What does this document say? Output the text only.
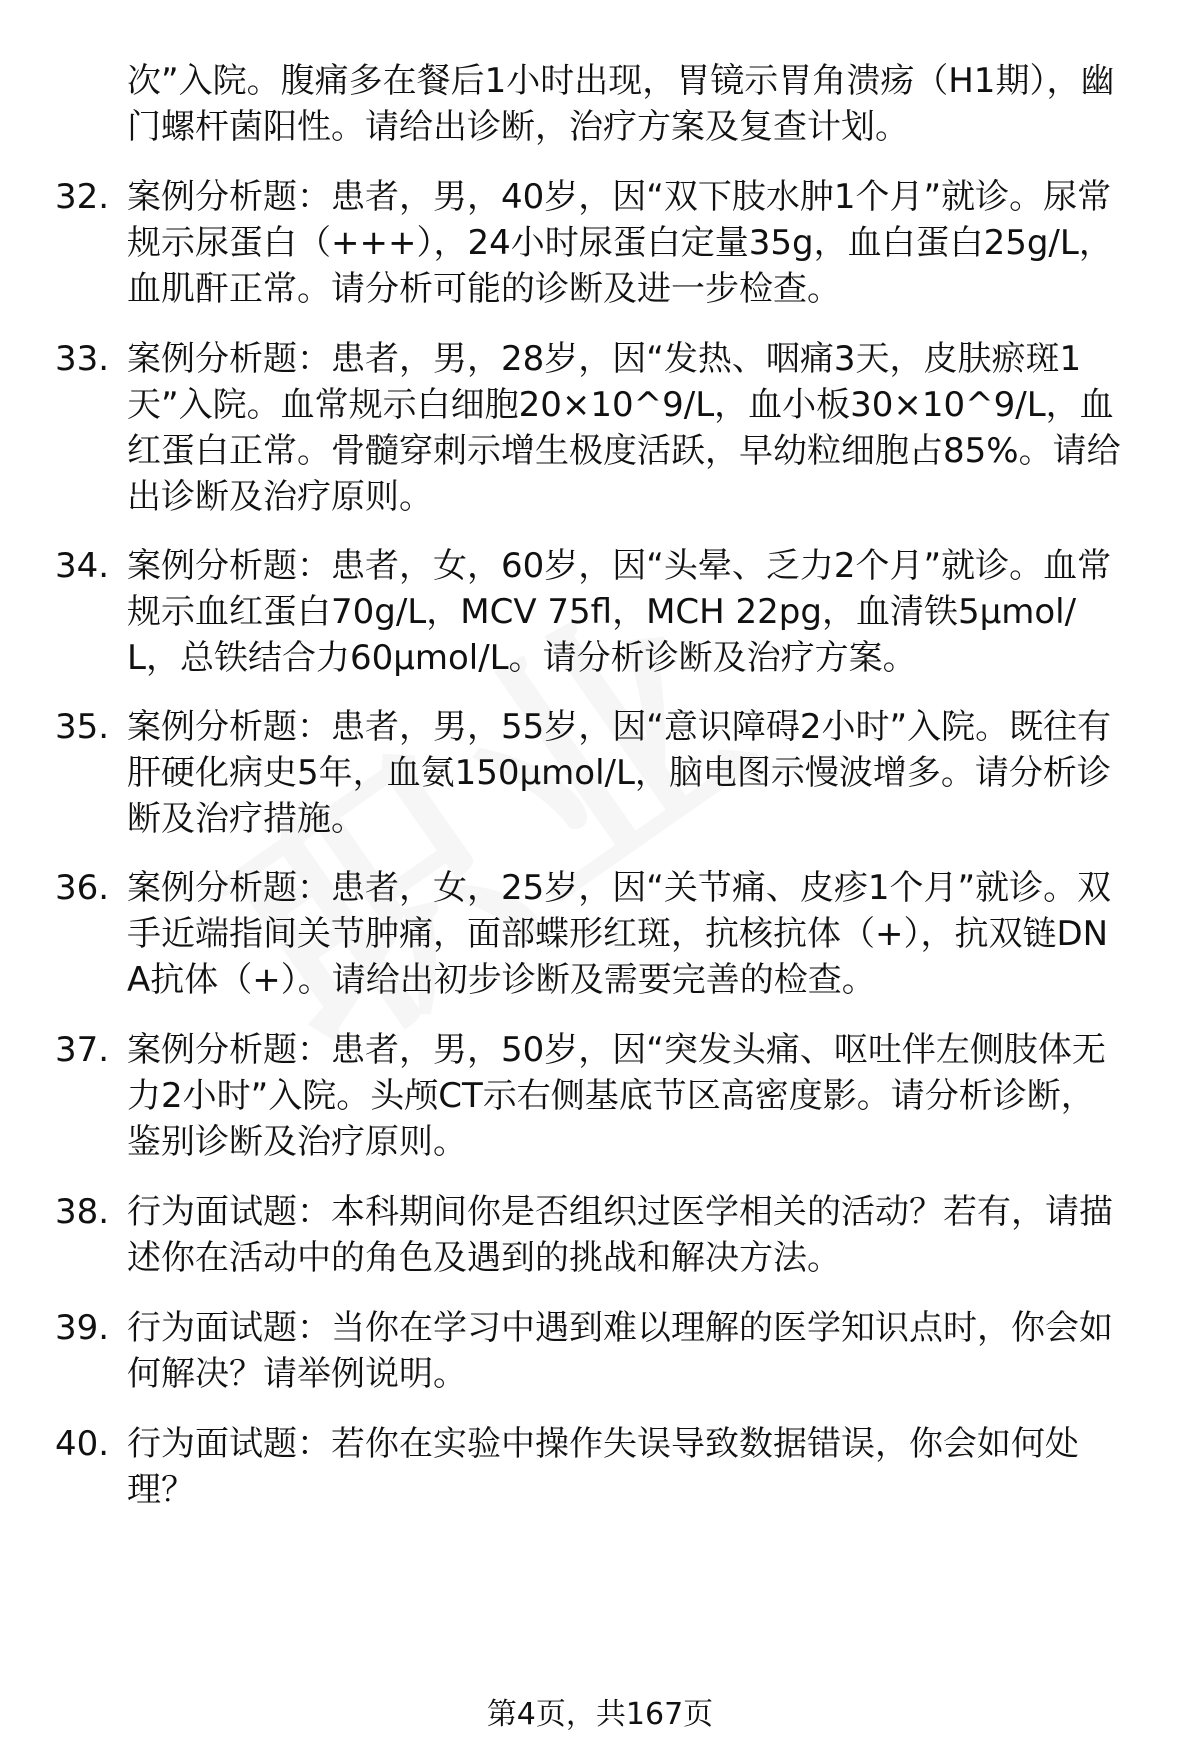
次”入院。腹痛多在餐后1小时出现，胃镜示胃角溃疡（H1期），幽门螺杆菌阳性。请给出诊断，治疗方案及复查计划。
32. 案例分析题：患者，男，40岁，因“双下肢水肿1个月”就诊。尿常规示尿蛋白（+++），24小时尿蛋白定量35g，血白蛋白25g/L，血肌酐正常。请分析可能的诊断及进一步检查。
33. 案例分析题：患者，男，28岁，因“发热、咽痛3天，皮肤瘀斑1天”入院。血常规示白细胞20×10^9/L，血小板30×10^9/L，血红蛋白正常。骨髓穿刺示增生极度活跃，早幼粒细胞占85%。请给出诊断及治疗原则。
34. 案例分析题：患者，女，60岁，因“头晕、乏力2个月”就诊。血常规示血红蛋白70g/L，MCV 75fl，MCH 22pg，血清铁5μmol/L，总铁结合力60μmol/L。请分析诊断及治疗方案。
35. 案例分析题：患者，男，55岁，因“意识障碍2小时”入院。既往有肝硬化病史5年，血氨150μmol/L，脑电图示慢波增多。请分析诊断及治疗措施。
36. 案例分析题：患者，女，25岁，因“关节痛、皮疹1个月”就诊。双手近端指间关节肿痛，面部蝶形红斑，抗核抗体（+），抗双链DNA抗体（+）。请给出初步诊断及需要完善的检查。
37. 案例分析题：患者，男，50岁，因“突发头痛、呕吐伴左侧肢体无力2小时”入院。头颅CT示右侧基底节区高密度影。请分析诊断，鉴别诊断及治疗原则。
38. 行为面试题：本科期间你是否组织过医学相关的活动？若有，请描述你在活动中的角色及遇到的挑战和解决方法。
39. 行为面试题：当你在学习中遇到难以理解的医学知识点时，你会如何解决？请举例说明。
40. 行为面试题：若你在实验中操作失误导致数据错误，你会如何处理？
第4页，共167页
